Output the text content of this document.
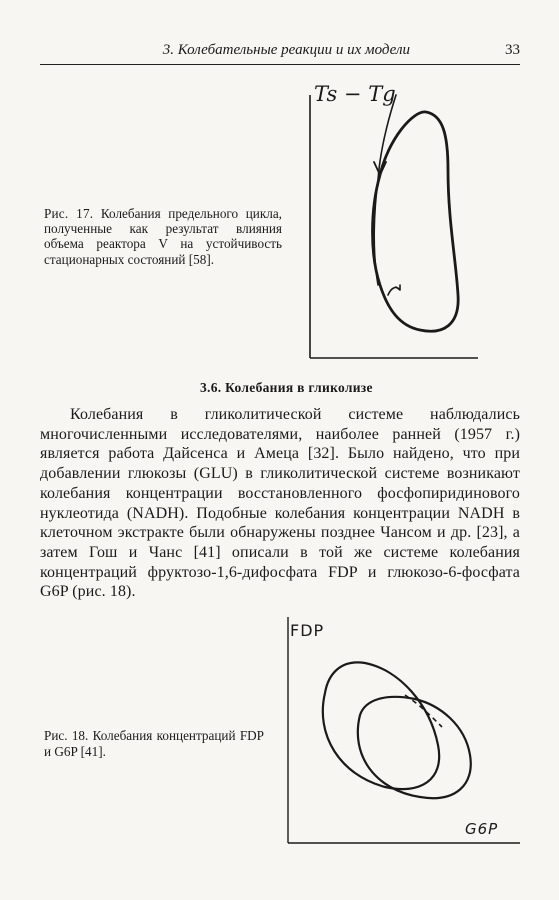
3. Колебательные реакции и их модели	33
Ts − Tg
Рис. 17. Колебания предельного цикла, полученные как результат влияния объема реактора V на устойчивость стационарных состояний [58].
3.6. Колебания в гликолизе
Колебания в гликолитической системе наблюдались многочисленными исследователями, наиболее ранней (1957 г.) является работа Дайсенса и Амеца [32]. Было найдено, что при добавлении глюкозы (GLU) в гликолитической системе возникают колебания концентрации восстановленного фосфопиридинового нуклеотида (NADH). Подобные колебания концентрации NADH в клеточном экстракте были обнаружены позднее Чансом и др. [23], а затем Гош и Чанс [41] описали в той же системе колебания концентраций фруктозо-1,6-дифосфата FDP и глюкозо-6-фосфата G6P (рис. 18).
FDP
G6P
Рис. 18. Колебания концентраций FDP и G6P [41].
